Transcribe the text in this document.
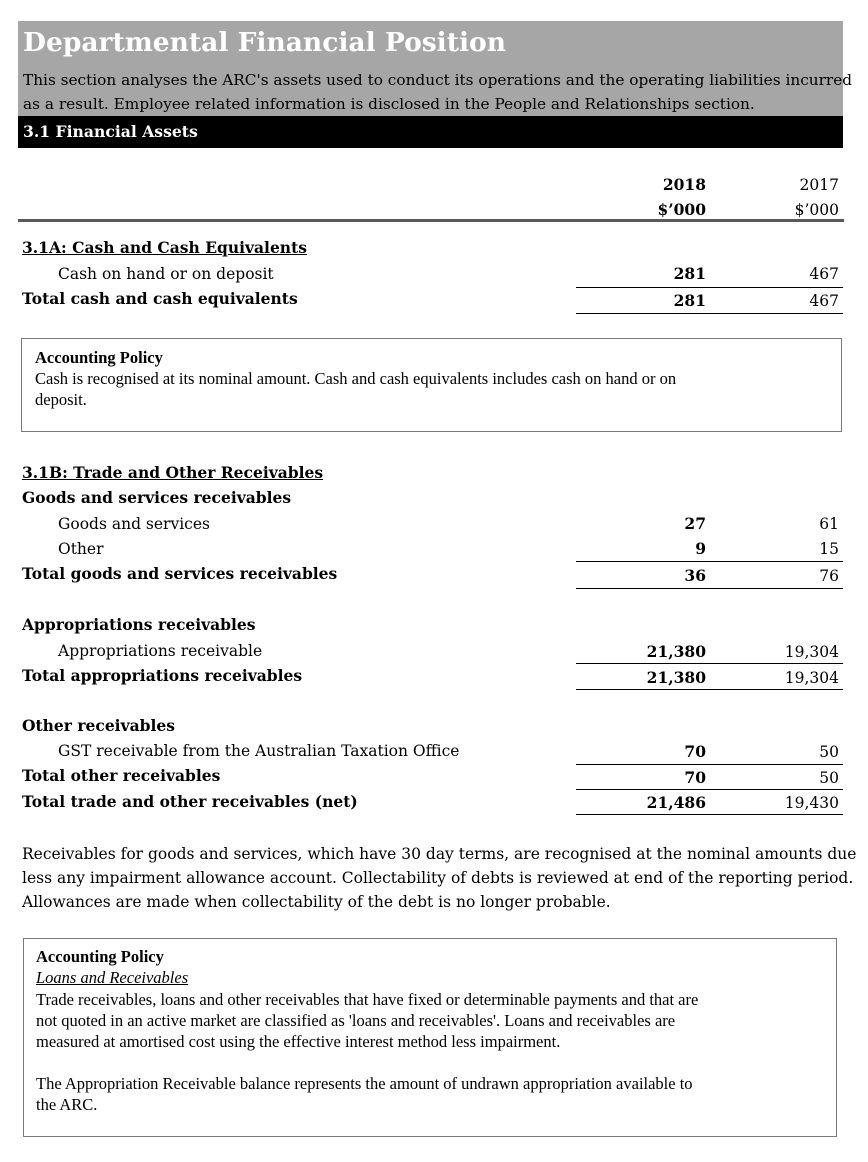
Departmental Financial Position
This section analyses the ARC's assets used to conduct its operations and the operating liabilities incurred
as a result. Employee related information is disclosed in the People and Relationships section.
3.1 Financial Assets
2018	2017
$’000	$’000
3.1A: Cash and Cash Equivalents
Cash on hand or on deposit	281	467
Total cash and cash equivalents	281	467
Accounting Policy
Cash is recognised at its nominal amount. Cash and cash equivalents includes cash on hand or on
deposit.
3.1B: Trade and Other Receivables
Goods and services receivables
Goods and services	27	61
Other	9	15
Total goods and services receivables	36	76
Appropriations receivables
Appropriations receivable	21,380	19,304
Total appropriations receivables	21,380	19,304
Other receivables
GST receivable from the Australian Taxation Office	70	50
Total other receivables	70	50
Total trade and other receivables (net)	21,486	19,430
Receivables for goods and services, which have 30 day terms, are recognised at the nominal amounts due
less any impairment allowance account. Collectability of debts is reviewed at end of the reporting period.
Allowances are made when collectability of the debt is no longer probable.
Accounting Policy
Loans and Receivables
Trade receivables, loans and other receivables that have fixed or determinable payments and that are
not quoted in an active market are classified as 'loans and receivables'. Loans and receivables are
measured at amortised cost using the effective interest method less impairment.
The Appropriation Receivable balance represents the amount of undrawn appropriation available to
the ARC.
